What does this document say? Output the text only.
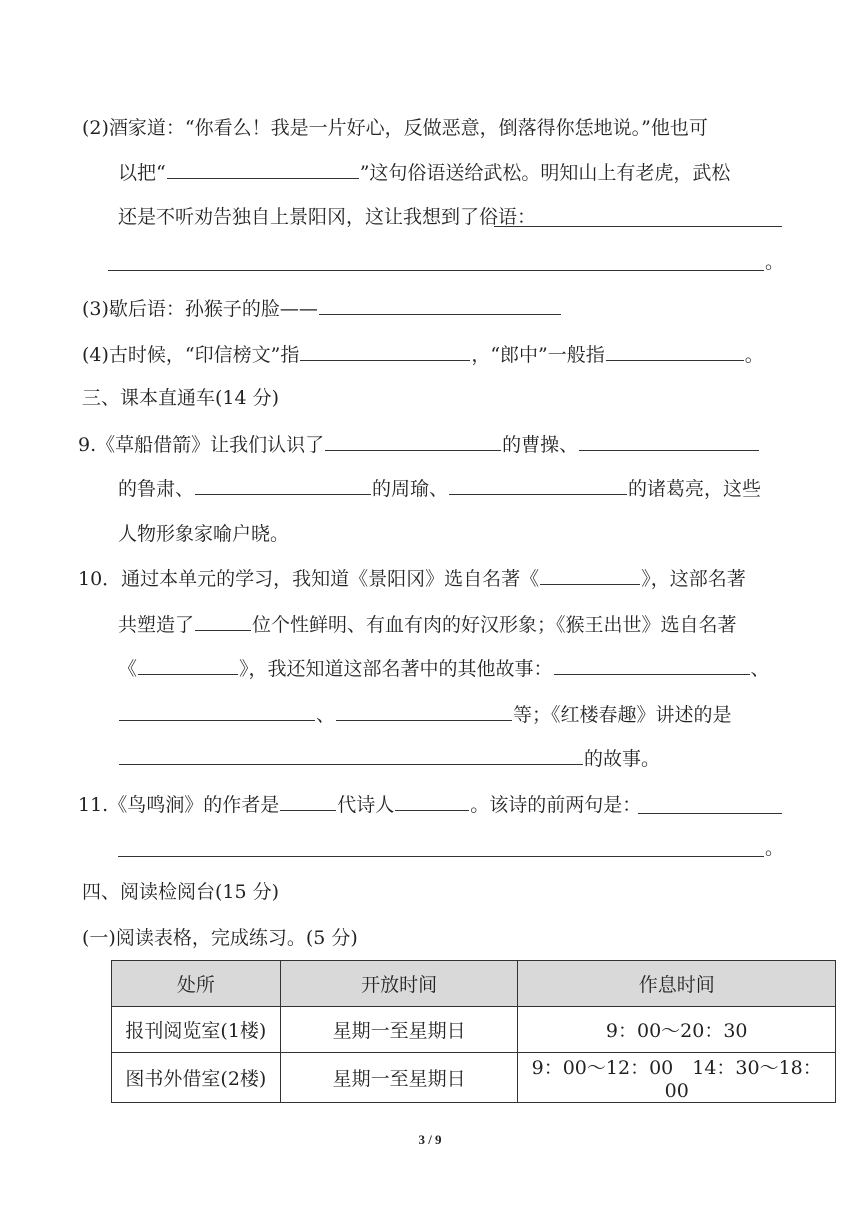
(2)酒家道：“你看么！我是一片好心，反做恶意，倒落得你恁地说。”他也可
以把“	”这句俗语送给武松。明知山上有老虎，武松
还是不听劝告独自上景阳冈，这让我想到了俗语：
。
(3)歇后语：孙猴子的脸——
(4)古时候，“印信榜文”指	，“郎中”一般指	。
三、课本直通车(14 分)
9.《草船借箭》让我们认识了	的曹操、
的鲁肃、	的周瑜、	的诸葛亮，这些
人物形象家喻户晓。
10．通过本单元的学习，我知道《景阳冈》选自名著《	》，这部名著
共塑造了	位个性鲜明、有血有肉的好汉形象；《猴王出世》选自名著
《	》，我还知道这部名著中的其他故事：	、
、	等；《红楼春趣》讲述的是
的故事。
11.《鸟鸣涧》的作者是	代诗人	。该诗的前两句是：
。
四、阅读检阅台(15 分)
(一)阅读表格，完成练习。(5 分)
处所	开放时间	作息时间
报刊阅览室(1楼)	星期一至星期日	9：00～20：30
图书外借室(2楼)	星期一至星期日	9：00～12：00　14：30～18：00
3 / 9
